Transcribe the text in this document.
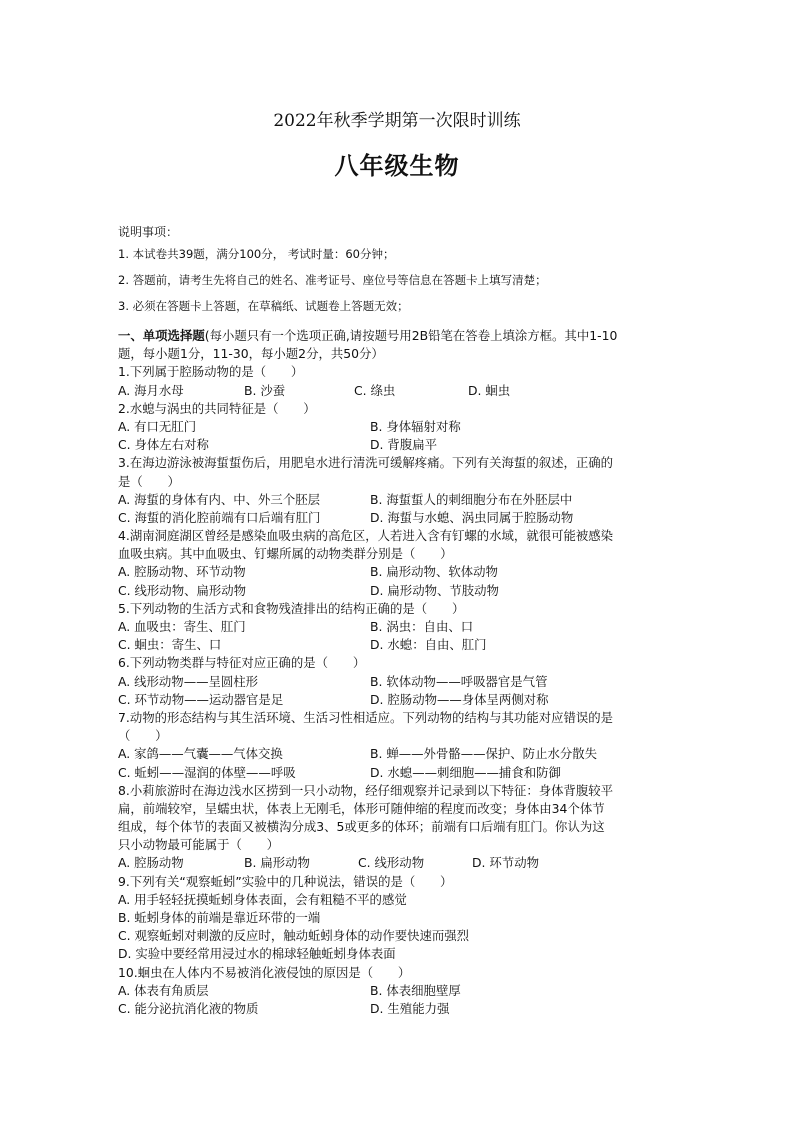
2022年秋季学期第一次限时训练
八年级生物
说明事项：
1. 本试卷共39题，满分100分， 考试时量：60分钟；
2. 答题前，请考生先将自己的姓名、准考证号、座位号等信息在答题卡上填写清楚；
3. 必须在答题卡上答题，在草稿纸、试题卷上答题无效；
一、单项选择题(每小题只有一个选项正确,请按题号用2B铅笔在答卷上填涂方框。其中1-10
题，每小题1分，11-30，每小题2分，共50分）
1.下列属于腔肠动物的是（　　）
A. 海月水母	B. 沙蚕	C. 绦虫	D. 蛔虫
2.水螅与涡虫的共同特征是（　　）
A. 有口无肛门	B. 身体辐射对称
C. 身体左右对称	D. 背腹扁平
3.在海边游泳被海蜇蜇伤后，用肥皂水进行清洗可缓解疼痛。下列有关海蜇的叙述，正确的
是（　　）
A. 海蜇的身体有内、中、外三个胚层	B. 海蜇蜇人的刺细胞分布在外胚层中
C. 海蜇的消化腔前端有口后端有肛门	D. 海蜇与水螅、涡虫同属于腔肠动物
4.湖南洞庭湖区曾经是感染血吸虫病的高危区，人若进入含有钉螺的水域，就很可能被感染
血吸虫病。其中血吸虫、钉螺所属的动物类群分别是（　　）
A. 腔肠动物、环节动物	B. 扁形动物、软体动物
C. 线形动物、扁形动物	D. 扁形动物、节肢动物
5.下列动物的生活方式和食物残渣排出的结构正确的是（　　）
A. 血吸虫：寄生、肛门	B. 涡虫：自由、口
C. 蛔虫：寄生、口	D. 水螅：自由、肛门
6.下列动物类群与特征对应正确的是（　　）
A. 线形动物——呈圆柱形	B. 软体动物——呼吸器官是气管
C. 环节动物——运动器官是足	D. 腔肠动物——身体呈两侧对称
7.动物的形态结构与其生活环境、生活习性相适应。下列动物的结构与其功能对应错误的是
（　　）
A. 家鸽——气囊——气体交换	B. 蝉——外骨骼——保护、防止水分散失
C. 蚯蚓——湿润的体壁——呼吸	D. 水螅——刺细胞——捕食和防御
8.小莉旅游时在海边浅水区捞到一只小动物，经仔细观察并记录到以下特征：身体背腹较平
扁，前端较窄，呈蠕虫状，体表上无刚毛，体形可随伸缩的程度而改变；身体由34个体节
组成，每个体节的表面又被横沟分成3、5或更多的体环；前端有口后端有肛门。你认为这
只小动物最可能属于（　　）
A. 腔肠动物	B. 扁形动物	C. 线形动物	D. 环节动物
9.下列有关“观察蚯蚓”实验中的几种说法，错误的是（　　）
A. 用手轻轻抚摸蚯蚓身体表面，会有粗糙不平的感觉
B. 蚯蚓身体的前端是靠近环带的一端
C. 观察蚯蚓对刺激的反应时，触动蚯蚓身体的动作要快速而强烈
D. 实验中要经常用浸过水的棉球轻触蚯蚓身体表面
10.蛔虫在人体内不易被消化液侵蚀的原因是（　　）
A. 体表有角质层	B. 体表细胞壁厚
C. 能分泌抗消化液的物质	D. 生殖能力强
